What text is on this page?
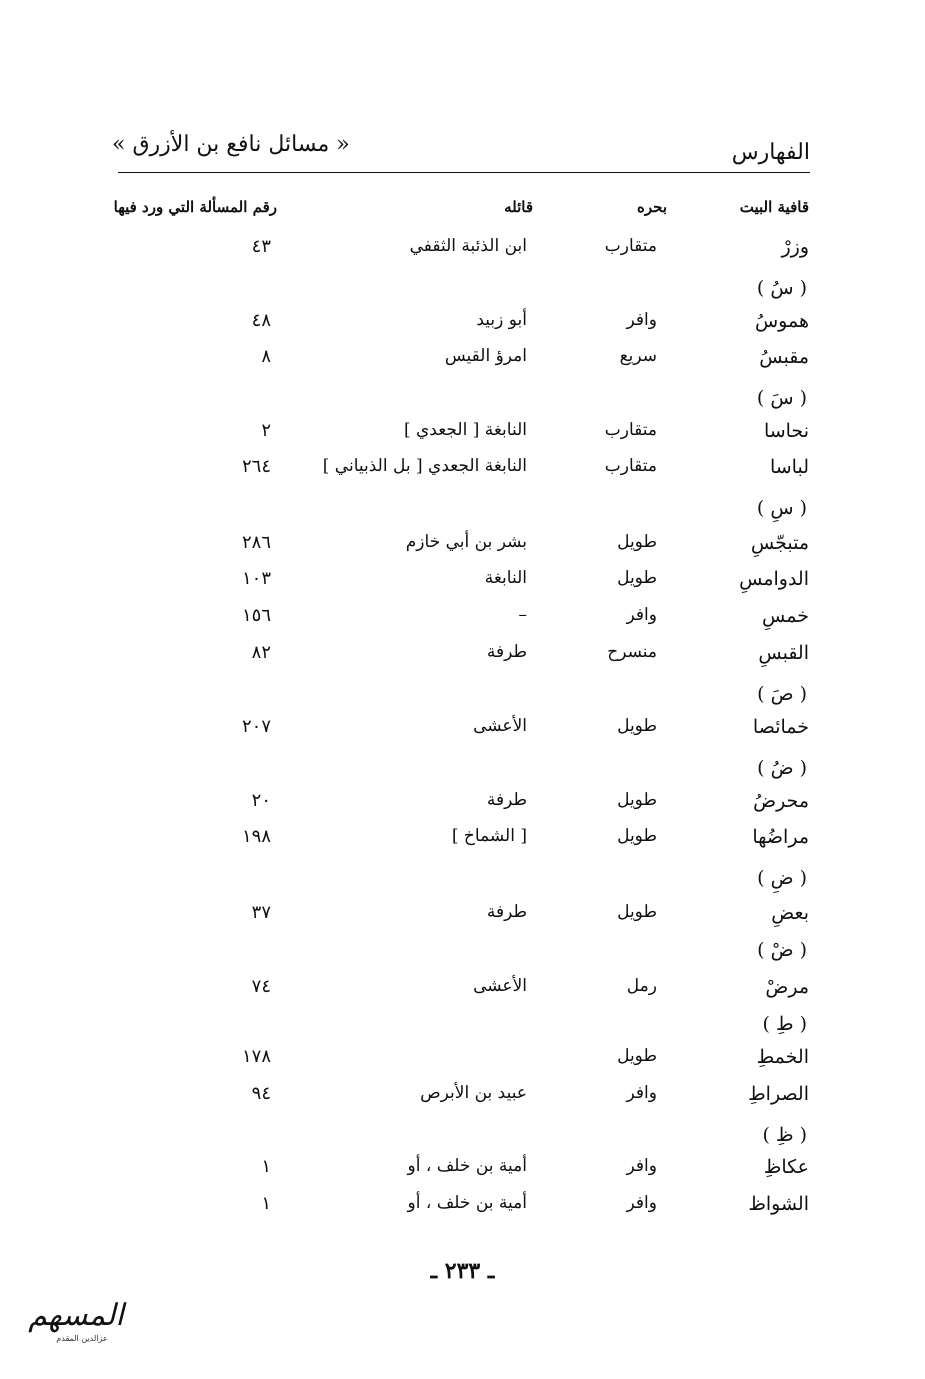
الفهارس
« مسائل نافع بن الأزرق »
قافية البيت
بحره
قائله
رقم المسألة التي ورد فيها
وزرْ
متقارب
ابن الذئبة الثقفي
٤٣
( سُ )
هموسُ
وافر
أبو زبيد
٤٨
مقبسُ
سريع
امرؤ القيس
٨
( سَ )
نحاسا
متقارب
النابغة [ الجعدي ]
٢
لباسا
متقارب
النابغة الجعدي [ بل الذبياني ]
٢٦٤
( سِ )
متبجّسِ
طويل
بشر بن أبي خازم
٢٨٦
الدوامسِ
طويل
النابغة
١٠٣
خمسِ
وافر
–
١٥٦
القبسِ
منسرح
طرفة
٨٢
( صَ )
خمائصا
طويل
الأعشى
٢٠٧
( ضُ )
محرضُ
طويل
طرفة
٢٠
مراضُها
طويل
[ الشماخ ]
١٩٨
( ضِ )
بعضِ
طويل
طرفة
٣٧
( ضْ )
مرضْ
رمل
الأعشى
٧٤
( طِ )
الخمطِ
طويل
١٧٨
الصراطِ
وافر
عبيد بن الأبرص
٩٤
( ظِ )
عكاظِ
وافر
أمية بن خلف ، أو
١
الشواظ
وافر
أمية بن خلف ، أو
١
ـ ٢٣٣ ـ
المسهم
عزالدين المقدم
